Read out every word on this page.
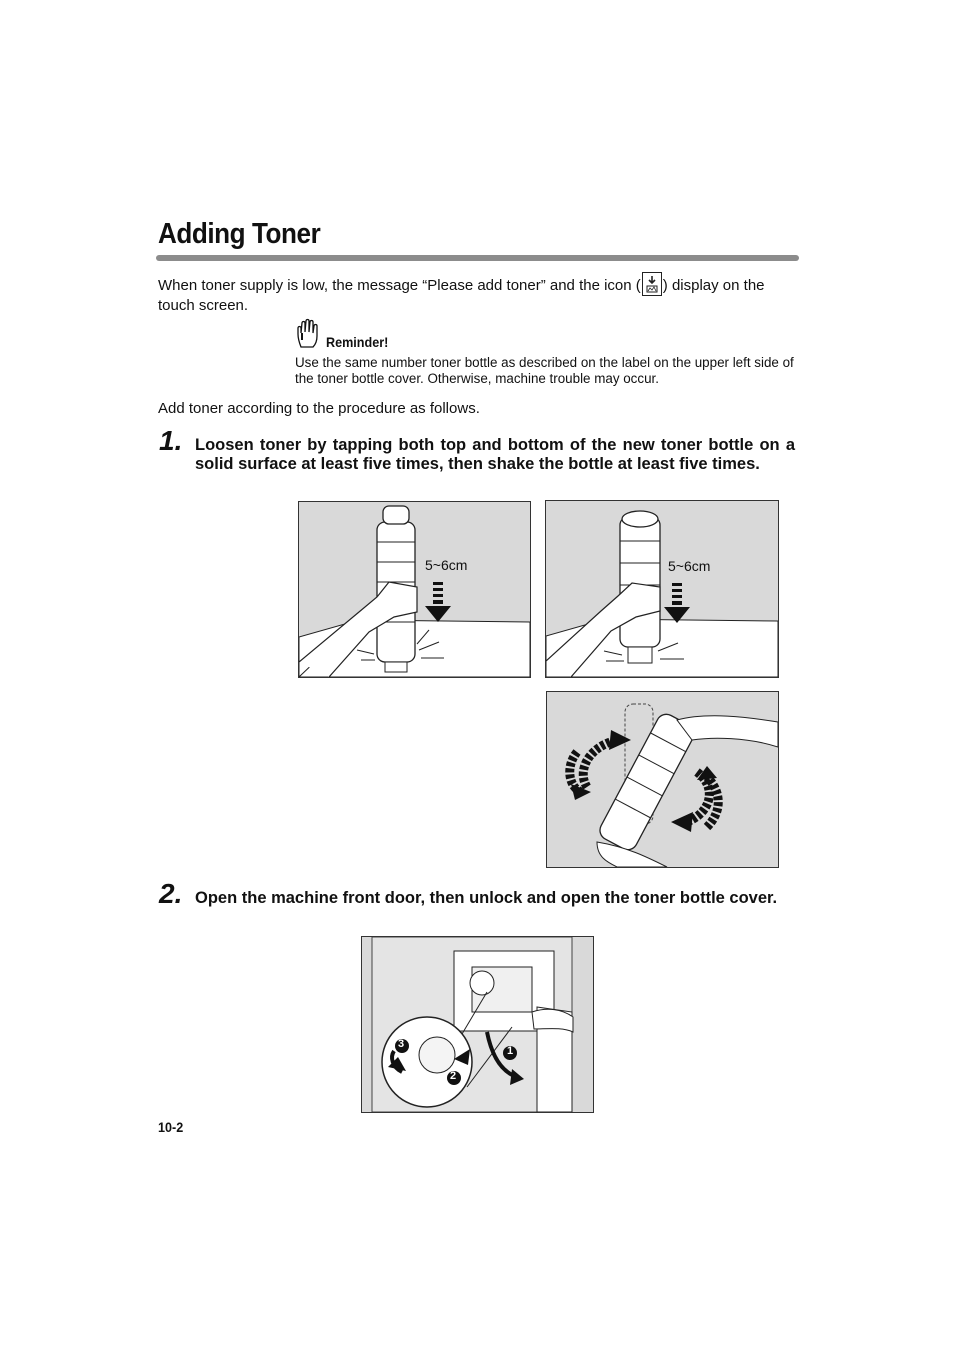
Adding Toner
When toner supply is low, the message “Please add toner” and the icon ( ) display on the touch screen.
Reminder!
Use the same number toner bottle as described on the label on the upper left side of the toner bottle cover. Otherwise, machine trouble may occur.
Add toner according to the procedure as follows.
1. Loosen toner by tapping both top and bottom of the new toner bottle on a solid surface at least five times, then shake the bottle at least five times.
5~6cm	5~6cm
2. Open the machine front door, then unlock and open the toner bottle cover.
3
2
1
10-2
